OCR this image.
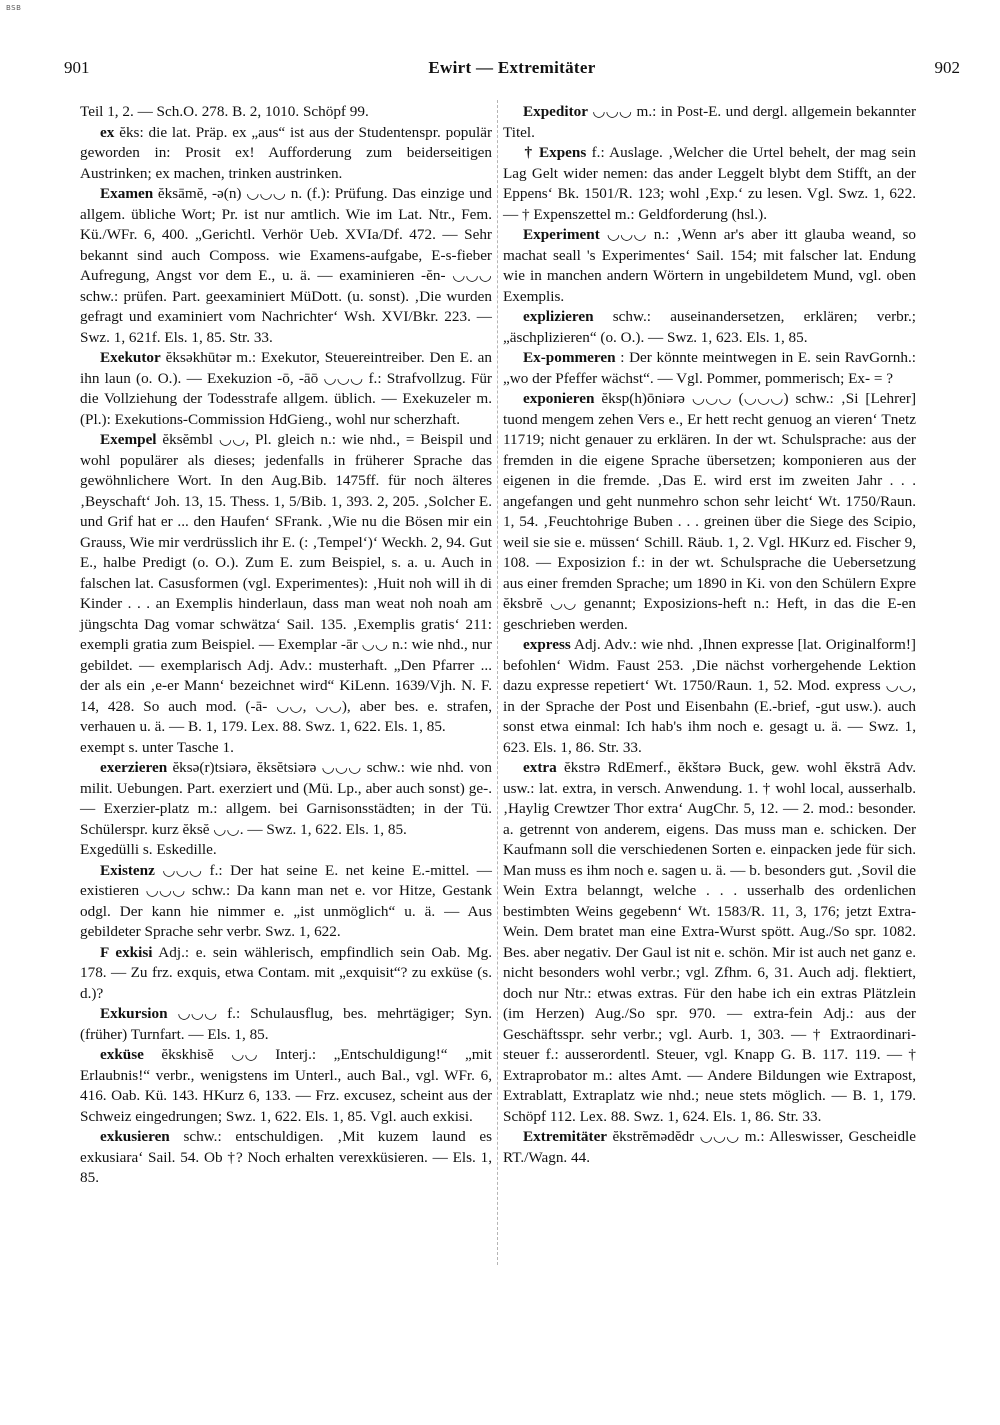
BSB
901	Ewirt — Extremitäter	902
Teil 1, 2. — Sch.O. 278. B. 2, 1010. Schöpf 99.
ex ĕks: die lat. Präp. ex „aus“ ist aus der Studentenspr. populär geworden in: Prosit ex! Aufforderung zum beiderseitigen Austrinken; ex machen, trinken austrinken.
Examen ĕksāmĕ, -ə(n) ◡◡◡ n. (f.): Prüfung. Das einzige und allgem. übliche Wort; Pr. ist nur amtlich. Wie im Lat. Ntr., Fem. Kü./WFr. 6, 400. „Gerichtl. Verhör Ueb. XVIa/Df. 472. — Sehr bekannt sind auch Composs. wie Examens-aufgabe, E-s-fieber Aufregung, Angst vor dem E., u. ä. — examinieren -ĕn- ◡◡◡ schw.: prüfen. Part. geexaminiert MüDott. (u. sonst). ‚Die wurden gefragt und examiniert vom Nachrichter‘ Wsh. XVI/Bkr. 223. — Swz. 1, 621f. Els. 1, 85. Str. 33.
Exekutor ĕksəkhūtər m.: Exekutor, Steuereintreiber. Den E. an ihn laun (o. O.). — Exekuzion -ō, -āō ◡◡◡ f.: Strafvollzug. Für die Vollziehung der Todesstrafe allgem. üblich. — Exekuzeler m. (Pl.): Exekutions-Commission HdGieng., wohl nur scherzhaft.
Exempel ĕksĕmbl ◡◡, Pl. gleich n.: wie nhd., = Beispil und wohl populärer als dieses; jedenfalls in früherer Sprache das gewöhnlichere Wort. In den Aug.Bib. 1475ff. für noch älteres ‚Beyschaft‘ Joh. 13, 15. Thess. 1, 5/Bib. 1, 393. 2, 205. ‚Solcher E. und Grif hat er ... den Haufen‘ SFrank. ‚Wie nu die Bösen mir ein Grauss, Wie mir verdrüsslich ihr E. (: ‚Tempel‘)‘ Weckh. 2, 94. Gut E., halbe Predigt (o. O.). Zum E. zum Beispiel, s. a. u. Auch in falschen lat. Casusformen (vgl. Experimentes): ‚Huit noh will ih di Kinder . . . an Exemplis hinderlaun, dass man weat noh noah am jüngschta Dag vomar schwätza‘ Sail. 135. ‚Exemplis gratis‘ 211: exempli gratia zum Beispiel. — Exemplar -ār ◡◡ n.: wie nhd., nur gebildet. — exemplarisch Adj. Adv.: musterhaft. „Den Pfarrer ... der als ein ‚e-er Mann‘ bezeichnet wird“ KiLenn. 1639/Vjh. N. F. 14, 428. So auch mod. (-ā- ◡◡, ◡◡), aber bes. e. strafen, verhauen u. ä. — B. 1, 179. Lex. 88. Swz. 1, 622. Els. 1, 85.
exempt s. unter Tasche 1.
exerzieren ĕksə(r)tsiərə, ĕksĕtsiərə ◡◡◡ schw.: wie nhd. von milit. Uebungen. Part. exerziert und (Mü. Lp., aber auch sonst) ge-. — Exerzier-platz m.: allgem. bei Garnisonsstädten; in der Tü. Schülerspr. kurz ĕksĕ ◡◡. — Swz. 1, 622. Els. 1, 85.
Exgedülli s. Eskedille.
Existenz ◡◡◡ f.: Der hat seine E. net keine E.-mittel. — existieren ◡◡◡ schw.: Da kann man net e. vor Hitze, Gestank odgl. Der kann hie nimmer e. „ist unmöglich“ u. ä. — Aus gebildeter Sprache sehr verbr. Swz. 1, 622.
F exkisi Adj.: e. sein wählerisch, empfindlich sein Oab. Mg. 178. — Zu frz. exquis, etwa Contam. mit „exquisit“? zu exküse (s. d.)?
Exkursion ◡◡◡ f.: Schulausflug, bes. mehrtägiger; Syn. (früher) Turnfart. — Els. 1, 85.
exküse ĕkskhisĕ ◡◡ Interj.: „Entschuldigung!“ „mit Erlaubnis!“ verbr., wenigstens im Unterl., auch Bal., vgl. WFr. 6, 416. Oab. Kü. 143. HKurz 6, 133. — Frz. excusez, scheint aus der Schweiz eingedrungen; Swz. 1, 622. Els. 1, 85. Vgl. auch exkisi.
exkusieren schw.: entschuldigen. ‚Mit kuzem laund es exkusiara‘ Sail. 54. Ob †? Noch erhalten verexküsieren. — Els. 1, 85.
Expeditor ◡◡◡ m.: in Post-E. und dergl. allgemein bekannter Titel.
† Expens f.: Auslage. ‚Welcher die Urtel behelt, der mag sein Lag Gelt wider nemen: das ander Leggelt blybt dem Stifft, an der Eppens‘ Bk. 1501/R. 123; wohl ‚Exp.‘ zu lesen. Vgl. Swz. 1, 622. — † Expenszettel m.: Geldforderung (hsl.).
Experiment ◡◡◡ n.: ‚Wenn ar's aber itt glauba weand, so machat seall 's Experimentes‘ Sail. 154; mit falscher lat. Endung wie in manchen andern Wörtern in ungebildetem Mund, vgl. oben Exemplis.
explizieren schw.: auseinandersetzen, erklären; verbr.; „äschplizieren“ (o. O.). — Swz. 1, 623. Els. 1, 85.
Ex-pommeren : Der könnte meintwegen in E. sein RavGornh.: „wo der Pfeffer wächst“. — Vgl. Pommer, pommerisch; Ex- = ?
exponieren ĕksp(h)ōniərə ◡◡◡ (◡◡◡) schw.: ‚Si [Lehrer] tuond mengem zehen Vers e., Er hett recht genuog an vieren‘ Tnetz 11719; nicht genauer zu erklären. In der wt. Schulsprache: aus der fremden in die eigene Sprache übersetzen; komponieren aus der eigenen in die fremde. ‚Das E. wird erst im zweiten Jahr . . . angefangen und geht nunmehro schon sehr leicht‘ Wt. 1750/Raun. 1, 54. ‚Feuchtohrige Buben . . . greinen über die Siege des Scipio, weil sie sie e. müssen‘ Schill. Räub. 1, 2. Vgl. HKurz ed. Fischer 9, 108. — Exposizion f.: in der wt. Schulsprache die Uebersetzung aus einer fremden Sprache; um 1890 in Ki. von den Schülern Expre ĕksbrĕ ◡◡ genannt; Exposizions-heft n.: Heft, in das die E-en geschrieben werden.
express Adj. Adv.: wie nhd. ‚Ihnen expresse [lat. Originalform!] befohlen‘ Widm. Faust 253. ‚Die nächst vorhergehende Lektion dazu expresse repetiert‘ Wt. 1750/Raun. 1, 52. Mod. express ◡◡, in der Sprache der Post und Eisenbahn (E.-brief, -gut usw.). auch sonst etwa einmal: Ich hab's ihm noch e. gesagt u. ä. — Swz. 1, 623. Els. 1, 86. Str. 33.
extra ĕkstrə RdEmerf., ĕkštərə Buck, gew. wohl ĕkstrā Adv. usw.: lat. extra, in versch. Anwendung. 1. † wohl local, ausserhalb. ‚Haylig Crewtzer Thor extra‘ AugChr. 5, 12. — 2. mod.: besonder. a. getrennt von anderem, eigens. Das muss man e. schicken. Der Kaufmann soll die verschiedenen Sorten e. einpacken jede für sich. Man muss es ihm noch e. sagen u. ä. — b. besonders gut. ‚Sovil die Wein Extra belanngt, welche . . . usserhalb des ordenlichen bestimbten Weins gegebenn‘ Wt. 1583/R. 11, 3, 176; jetzt Extra-Wein. Dem bratet man eine Extra-Wurst spött. Aug./So spr. 1082. Bes. aber negativ. Der Gaul ist nit e. schön. Mir ist auch net ganz e. nicht besonders wohl verbr.; vgl. Zfhm. 6, 31. Auch adj. flektiert, doch nur Ntr.: etwas extras. Für den habe ich ein extras Plätzlein (im Herzen) Aug./So spr. 970. — extra-fein Adj.: aus der Geschäftsspr. sehr verbr.; vgl. Aurb. 1, 303. — † Extraordinari-steuer f.: ausserordentl. Steuer, vgl. Knapp G. B. 117. 119. — † Extraprobator m.: altes Amt. — Andere Bildungen wie Extrapost, Extrablatt, Extraplatz wie nhd.; neue stets möglich. — B. 1, 179. Schöpf 112. Lex. 88. Swz. 1, 624. Els. 1, 86. Str. 33.
Extremitäter ĕkstrĕmədĕdr ◡◡◡ m.: Alleswisser, Gescheidle RT./Wagn. 44.
